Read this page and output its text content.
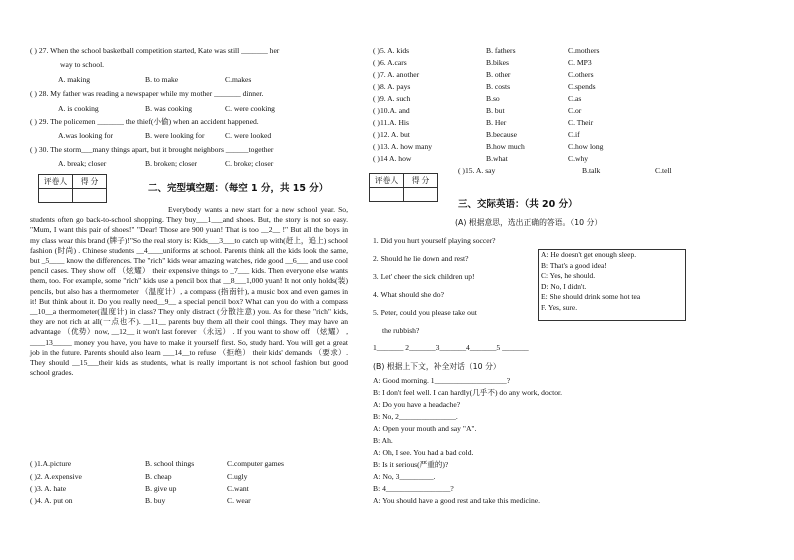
( ) 27. When the school basketball competition started, Kate was still _______ her
way to school.
A. making	B. to make	C.makes
( ) 28. My father was reading a newspaper while my mother _______ dinner.
A. is cooking	B. was cooking	C. were cooking
( ) 29. The policemen _______ the thief(小偷) when an accident happened.
A.was looking for	B. were looking for	C. were looked
( ) 30. The storm___many things apart, but it brought neighbors ______together
A. break; closer	B. broken; closer	C. broke; closer
评卷人	得 分

二、完型填空题：（每空 1 分，共 15 分）

Everybody wants a new start for a new school year. So, students often go back-to-school shopping. They buy___1___and shoes. But, the story is not so easy. "Mum, I want this pair of shoes!" "Dear! Those are 900 yuan! That is too __2__ !" But all the boys in my class wear this brand (牌子)!"So the real story is: Kids___3___to catch up with(赶上，追上) school fashion (时尚) . Chinese students __4____uniforms at school. Parents think all the kids look the same, but _5____ know the differences. The "rich" kids wear amazing watches, ride good __6___ and use cool pencil cases. They show off （炫耀） their expensive things to _7___ kids. Then everyone else wants them, too. For example, some "rich" kids use a pencil box that __8___1,000 yuan! It not only holds(装) pencils, but also has a thermometer （温度计）, a compass (指南针), a music box and even games in it! But think about it. Do you really need__9__ a special pencil box? What can you do with a compass __10__a thermometer(温度计) in class? They only distract (分散注意) you. As for these "rich" kids, they are not rich at all(一点也不). __11__ parents buy them all their cool things. They may have an advantage （优势）now, __12__ it won't last forever （永远） . If you want to show off （炫耀） , ____13_____ money you have, you have to make it yourself first. So, study hard. You will get a great job in the future. Parents should also learn ___14__to refuse （拒绝） their kids' demands （要求）. They should __15___their kids as students, what is really important is not school fashion but good school grades.

( )1.A.picture	B. school things	C.computer games
( )2. A.expensive	B. cheap	C.ugly
( )3. A. hate	B. give up	C.want
( )4. A. put on	B. buy	C. wear
( )5. A. kids	B. fathers	C.mothers
( )6. A.cars	B.bikes	C. MP3
( )7. A. another	B. other	C.others
( )8. A. pays	B. costs	C.spends
( )9. A. such	B.so	C.as
( )10.A. and	B. but	C.or
( )11.A. His	B. Her	C. Their
( )12. A. but	B.because	C.if
( )13. A. how many	B.how much	C.how long
( )14 A. how	B.what	C.why
( )15. A. say	B.talk	C.tell
评卷人	得 分

三、交际英语：（共 20 分）
(A) 根据意思，选出正确的答语。（10 分）
1. Did you hurt yourself playing soccer?
2. Should he lie down and rest?
3. Let' cheer the sick children up!
4. What should she do?
5. Peter, could you please take out
the rubbish?
A: He doesn't get enough sleep.
B: That's a good idea!
C: Yes, he should.
D: No, I didn't.
E: She should drink some hot tea
F. Yes, sure.
1_______ 2_______3_______4_______5 _______
(B) 根据上下文，补全对话（10 分）
A: Good morning. 1___________________?
B: I don't feel well. I can hardly(几乎不) do any work, doctor.
A: Do you have a headache?
B: No, 2_______________.
A: Open your mouth and say "A".
B: Ah.
A: Oh, I see. You had a bad cold.
B: Is it serious(严重的)?
A: No, 3_________.
B: 4_________________?
A: You should have a good rest and take this medicine.
